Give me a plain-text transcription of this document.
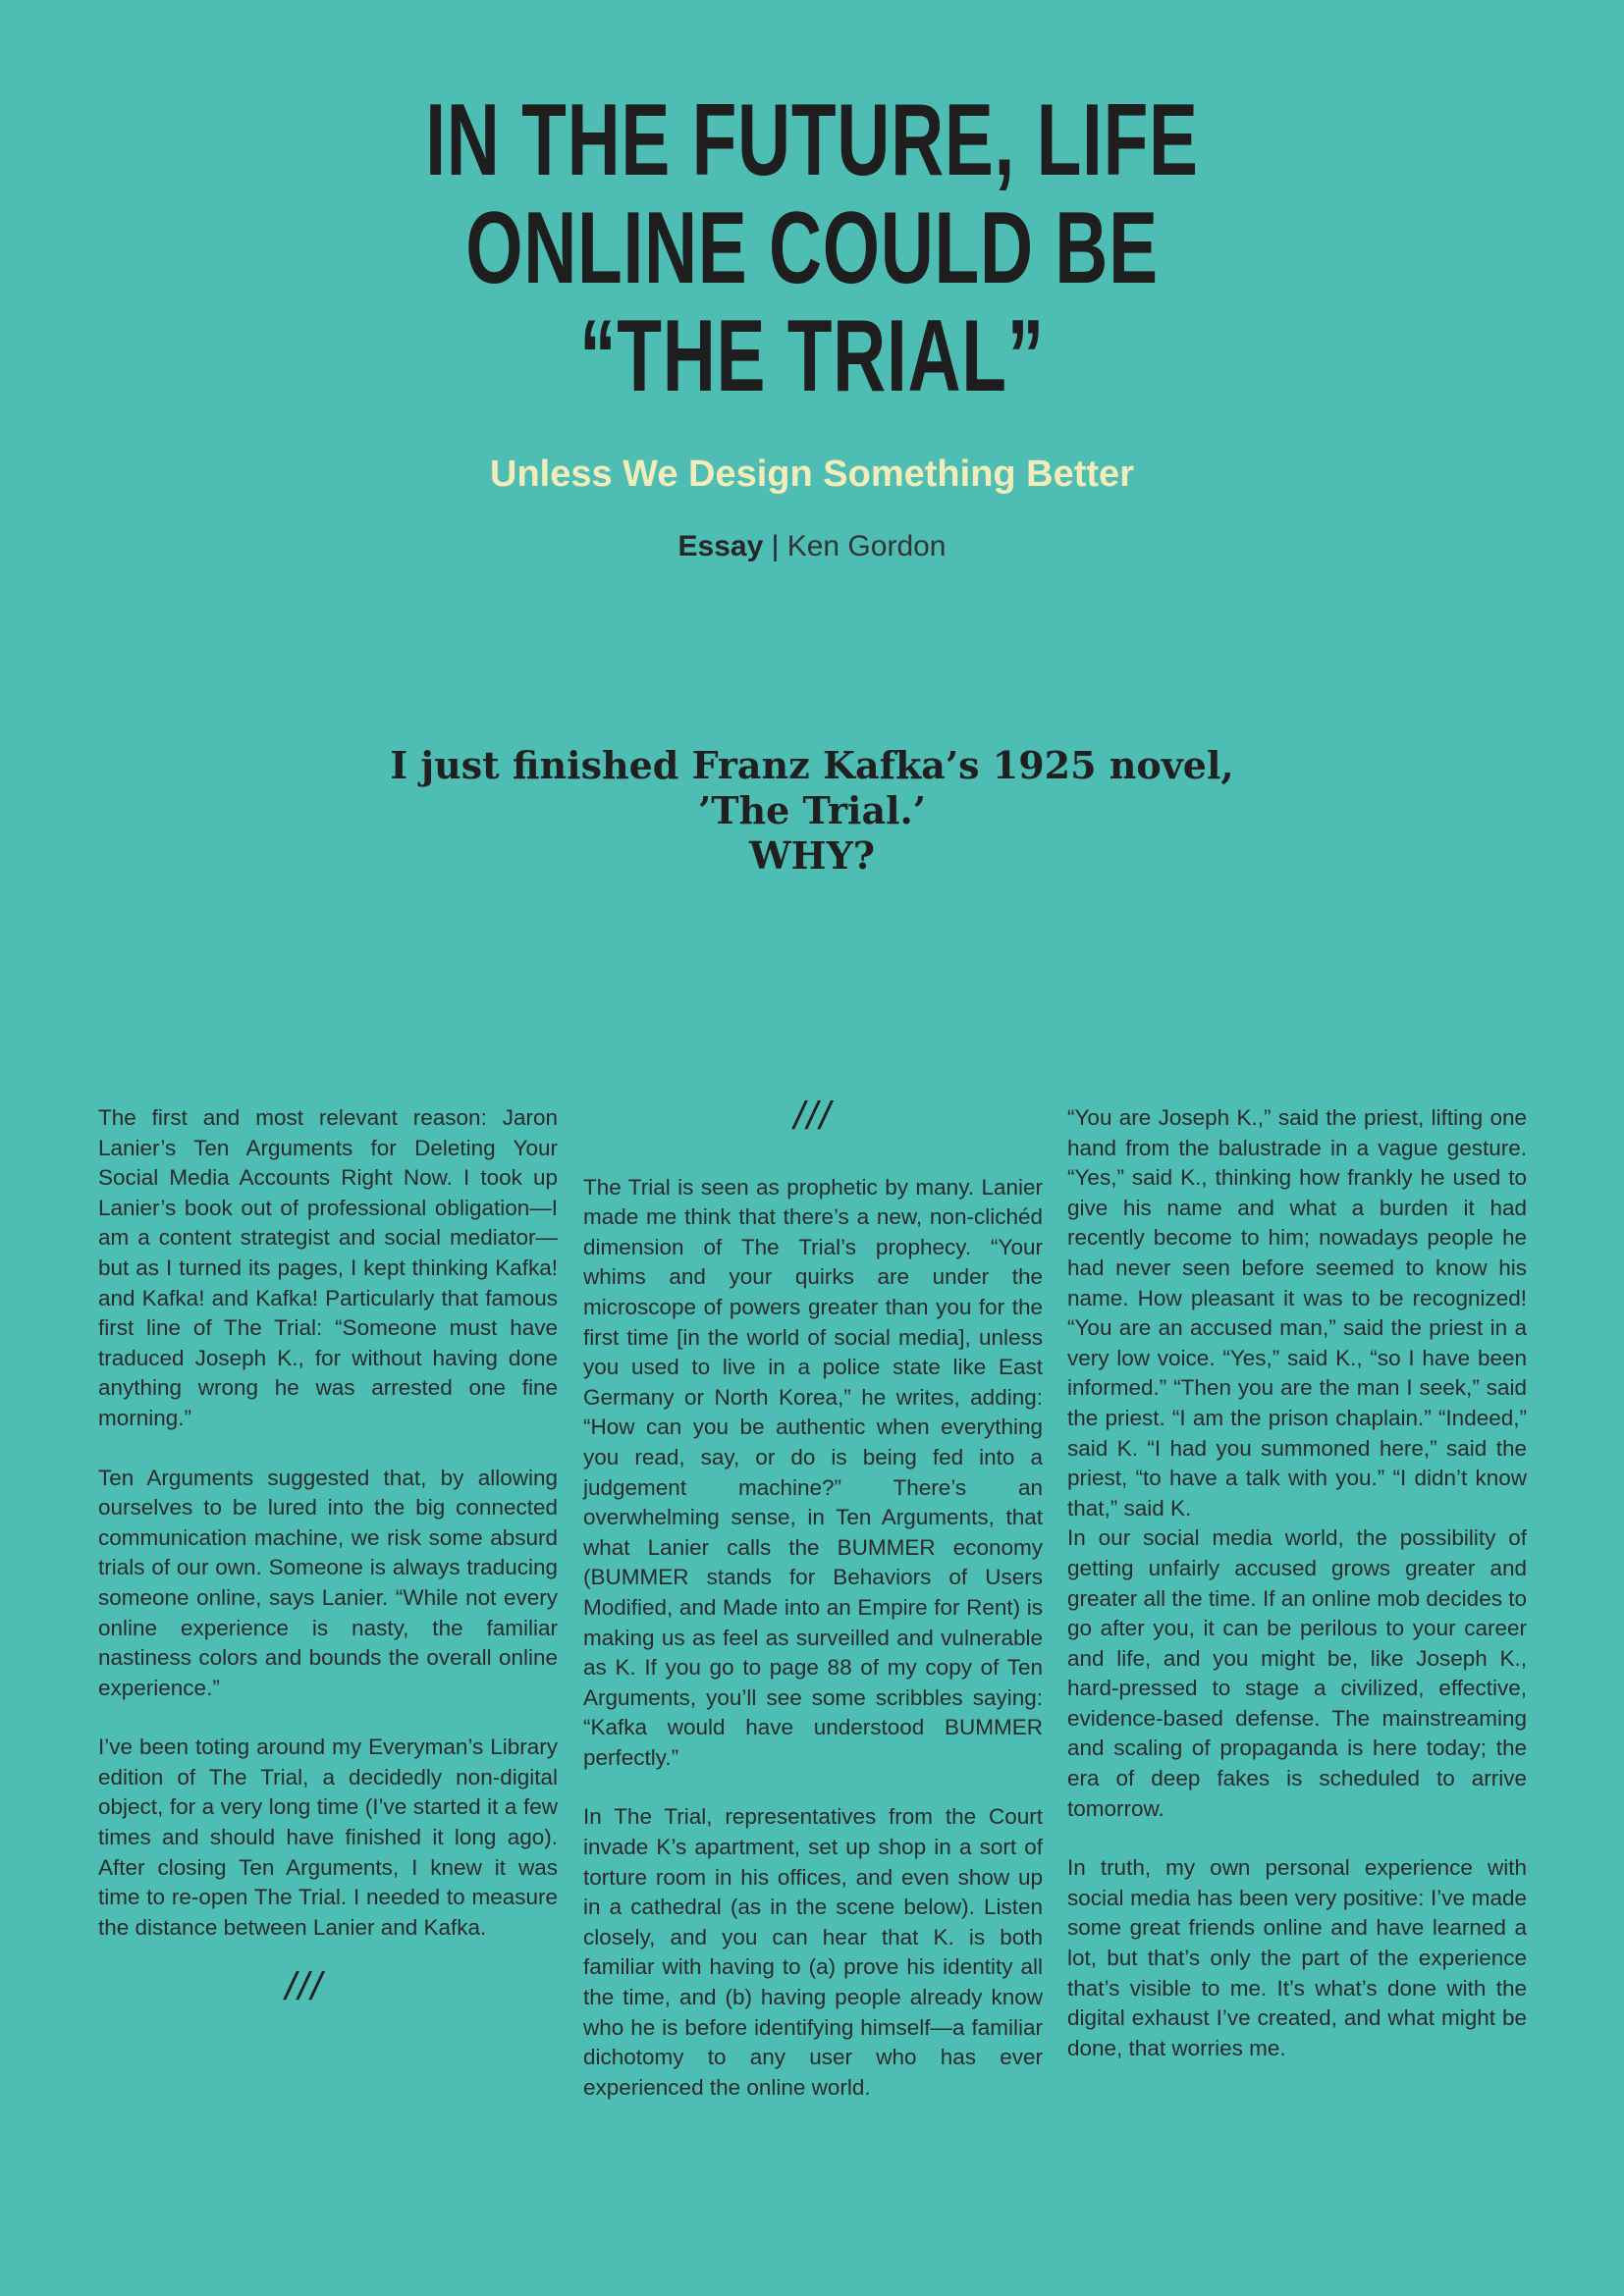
IN THE FUTURE, LIFE
ONLINE COULD BE
“THE TRIAL”
Unless We Design Something Better
Essay | Ken Gordon
I just finished Franz Kafka’s 1925 novel,
’The Trial.’
WHY?

The first and most relevant reason: Jaron Lanier’s Ten Arguments for Deleting Your Social Media Accounts Right Now. I took up Lanier’s book out of professional obligation—I am a content strategist and social mediator—but as I turned its pages, I kept thinking Kafka! and Kafka! and Kafka! Particularly that famous first line of The Trial: “Someone must have traduced Joseph K., for without having done anything wrong he was arrested one fine morning.”

Ten Arguments suggested that, by allowing ourselves to be lured into the big connected communication machine, we risk some absurd trials of our own. Someone is always traducing someone online, says Lanier. “While not every online experience is nasty, the familiar nastiness colors and bounds the overall online experience.”

I’ve been toting around my Everyman’s Library edition of The Trial, a decidedly non-digital object, for a very long time (I’ve started it a few times and should have finished it long ago). After closing Ten Arguments, I knew it was time to re-open The Trial. I needed to measure the distance between Lanier and Kafka.

///
///

The Trial is seen as prophetic by many. Lanier made me think that there’s a new, non-clichéd dimension of The Trial’s prophecy. “Your whims and your quirks are under the microscope of powers greater than you for the first time [in the world of social media], unless you used to live in a police state like East Germany or North Korea,” he writes, adding: “How can you be authentic when everything you read, say, or do is being fed into a judgement machine?” There’s an overwhelming sense, in Ten Arguments, that what Lanier calls the BUMMER economy (BUMMER stands for Behaviors of Users Modified, and Made into an Empire for Rent) is making us as feel as surveilled and vulnerable as K. If you go to page 88 of my copy of Ten Arguments, you’ll see some scribbles saying: “Kafka would have understood BUMMER perfectly.”

In The Trial, representatives from the Court invade K’s apartment, set up shop in a sort of torture room in his offices, and even show up in a cathedral (as in the scene below). Listen closely, and you can hear that K. is both familiar with having to (a) prove his identity all the time, and (b) having people already know who he is before identifying himself—a familiar dichotomy to any user who has ever experienced the online world.

“You are Joseph K.,” said the priest, lifting one hand from the balustrade in a vague gesture. “Yes,” said K., thinking how frankly he used to give his name and what a burden it had recently become to him; nowadays people he had never seen before seemed to know his name. How pleasant it was to be recognized! “You are an accused man,” said the priest in a very low voice. “Yes,” said K., “so I have been informed.” “Then you are the man I seek,” said the priest. “I am the prison chaplain.” “Indeed,” said K. “I had you summoned here,” said the priest, “to have a talk with you.” “I didn’t know that,” said K.

In our social media world, the possibility of getting unfairly accused grows greater and greater all the time. If an online mob decides to go after you, it can be perilous to your career and life, and you might be, like Joseph K., hard-pressed to stage a civilized, effective, evidence-based defense. The mainstreaming and scaling of propaganda is here today; the era of deep fakes is scheduled to arrive tomorrow.

In truth, my own personal experience with social media has been very positive: I’ve made some great friends online and have learned a lot, but that’s only the part of the experience that’s visible to me. It’s what’s done with the digital exhaust I’ve created, and what might be done, that worries me.
